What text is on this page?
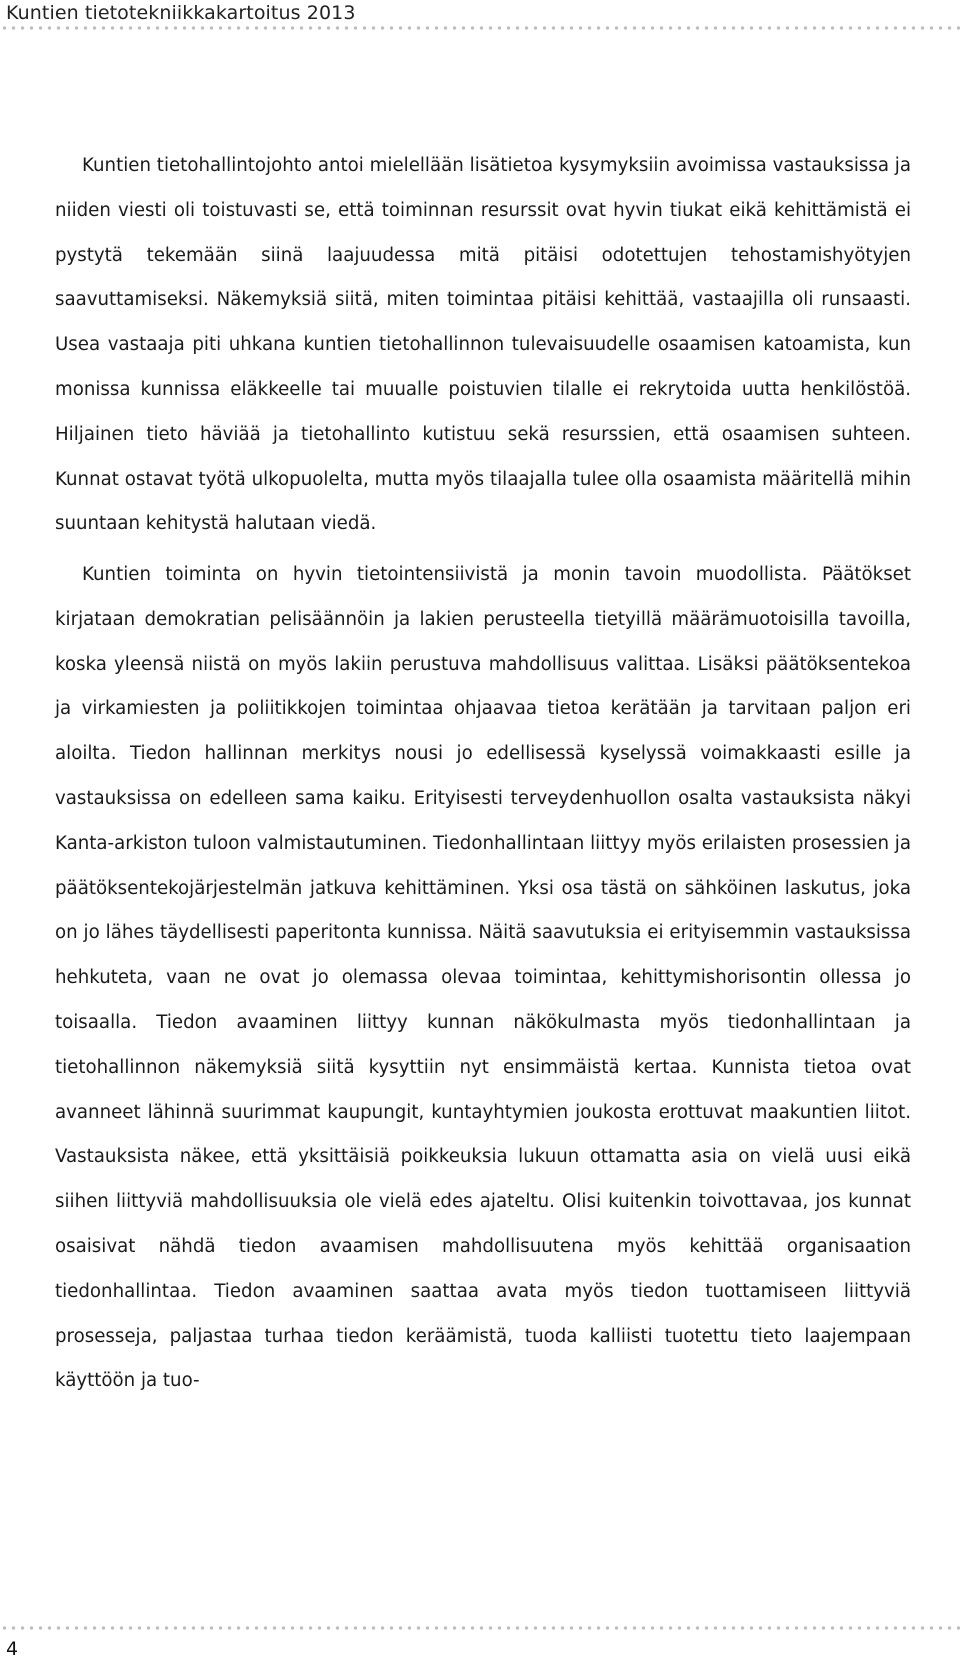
Kuntien tietotekniikkakartoitus 2013

Kuntien tietohallintojohto antoi mielellään lisätietoa kysymyksiin avoimissa vastauksissa ja niiden viesti oli toistuvasti se, että toiminnan resurssit ovat hyvin tiukat eikä kehittämistä ei pystytä tekemään siinä laajuudessa mitä pitäisi odotettujen tehostamishyötyjen saavuttamiseksi. Näkemyksiä siitä, miten toimintaa pitäisi kehittää, vastaajilla oli runsaasti. Usea vastaaja piti uhkana kuntien tietohallinnon tulevaisuudelle osaamisen katoamista, kun monissa kunnissa eläkkeelle tai muualle poistuvien tilalle ei rekrytoida uutta henkilöstöä. Hiljainen tieto häviää ja tietohallinto kutistuu sekä resurssien, että osaamisen suhteen. Kunnat ostavat työtä ulkopuolelta, mutta myös tilaajalla tulee olla osaamista määritellä mihin suuntaan kehitystä halutaan viedä.

Kuntien toiminta on hyvin tietointensiivistä ja monin tavoin muodollista. Päätökset kirjataan demokratian pelisäännöin ja lakien perusteella tietyillä määrämuotoisilla tavoilla, koska yleensä niistä on myös lakiin perustuva mahdollisuus valittaa. Lisäksi päätöksentekoa ja virkamiesten ja poliitikkojen toimintaa ohjaavaa tietoa kerätään ja tarvitaan paljon eri aloilta. Tiedon hallinnan merkitys nousi jo edellisessä kyselyssä voimakkaasti esille ja vastauksissa on edelleen sama kaiku. Erityisesti terveydenhuollon osalta vastauksista näkyi Kanta-arkiston tuloon valmistautuminen. Tiedonhallintaan liittyy myös erilaisten prosessien ja päätöksentekojärjestelmän jatkuva kehittäminen. Yksi osa tästä on sähköinen laskutus, joka on jo lähes täydellisesti paperitonta kunnissa. Näitä saavutuksia ei erityisemmin vastauksissa hehkuteta, vaan ne ovat jo olemassa olevaa toimintaa, kehittymishorisontin ollessa jo toisaalla. Tiedon avaaminen liittyy kunnan näkökulmasta myös tiedonhallintaan ja tietohallinnon näkemyksiä siitä kysyttiin nyt ensimmäistä kertaa. Kunnista tietoa ovat avanneet lähinnä suurimmat kaupungit, kuntayhtymien joukosta erottuvat maakuntien liitot. Vastauksista näkee, että yksittäisiä poikkeuksia lukuun ottamatta asia on vielä uusi eikä siihen liittyviä mahdollisuuksia ole vielä edes ajateltu. Olisi kuitenkin toivottavaa, jos kunnat osaisivat nähdä tiedon avaamisen mahdollisuutena myös kehittää organisaation tiedonhallintaa. Tiedon avaaminen saattaa avata myös tiedon tuottamiseen liittyviä prosesseja, paljastaa turhaa tiedon keräämistä, tuoda kalliisti tuotettu tieto laajempaan käyttöön ja tuo-

4
